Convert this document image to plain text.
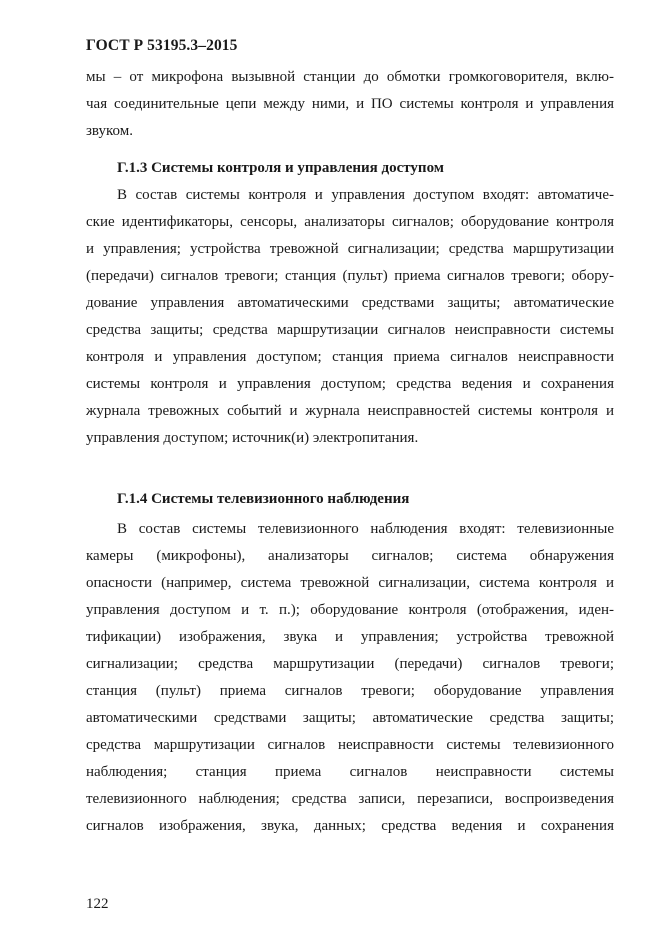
ГОСТ Р 53195.3–2015
мы – от микрофона вызывной станции до обмотки громкоговорителя, вклю-
чая соединительные цепи между ними, и ПО системы контроля и управления
звуком.
Г.1.3 Системы контроля и управления доступом
В состав системы контроля и управления доступом входят: автоматиче-
ские идентификаторы, сенсоры, анализаторы сигналов; оборудование контроля
и управления; устройства тревожной сигнализации; средства маршрутизации
(передачи) сигналов тревоги; станция (пульт) приема сигналов тревоги; обору-
дование управления автоматическими средствами защиты; автоматические
средства защиты; средства маршрутизации сигналов неисправности системы
контроля и управления доступом; станция приема сигналов неисправности
системы контроля и управления доступом; средства ведения и сохранения
журнала тревожных событий и журнала неисправностей системы контроля и
управления доступом; источник(и) электропитания.
Г.1.4 Системы телевизионного наблюдения
В состав системы телевизионного наблюдения входят: телевизионные
камеры (микрофоны), анализаторы сигналов; система обнаружения
опасности (например, система тревожной сигнализации, система контроля и
управления доступом и т. п.); оборудование контроля (отображения, иден-
тификации) изображения, звука и управления; устройства тревожной
сигнализации; средства маршрутизации (передачи) сигналов тревоги;
станция (пульт) приема сигналов тревоги; оборудование управления
автоматическими средствами защиты; автоматические средства защиты;
средства маршрутизации сигналов неисправности системы телевизионного
наблюдения; станция приема сигналов неисправности системы
телевизионного наблюдения; средства записи, перезаписи, воспроизведения
сигналов изображения, звука, данных; средства ведения и сохранения
122
